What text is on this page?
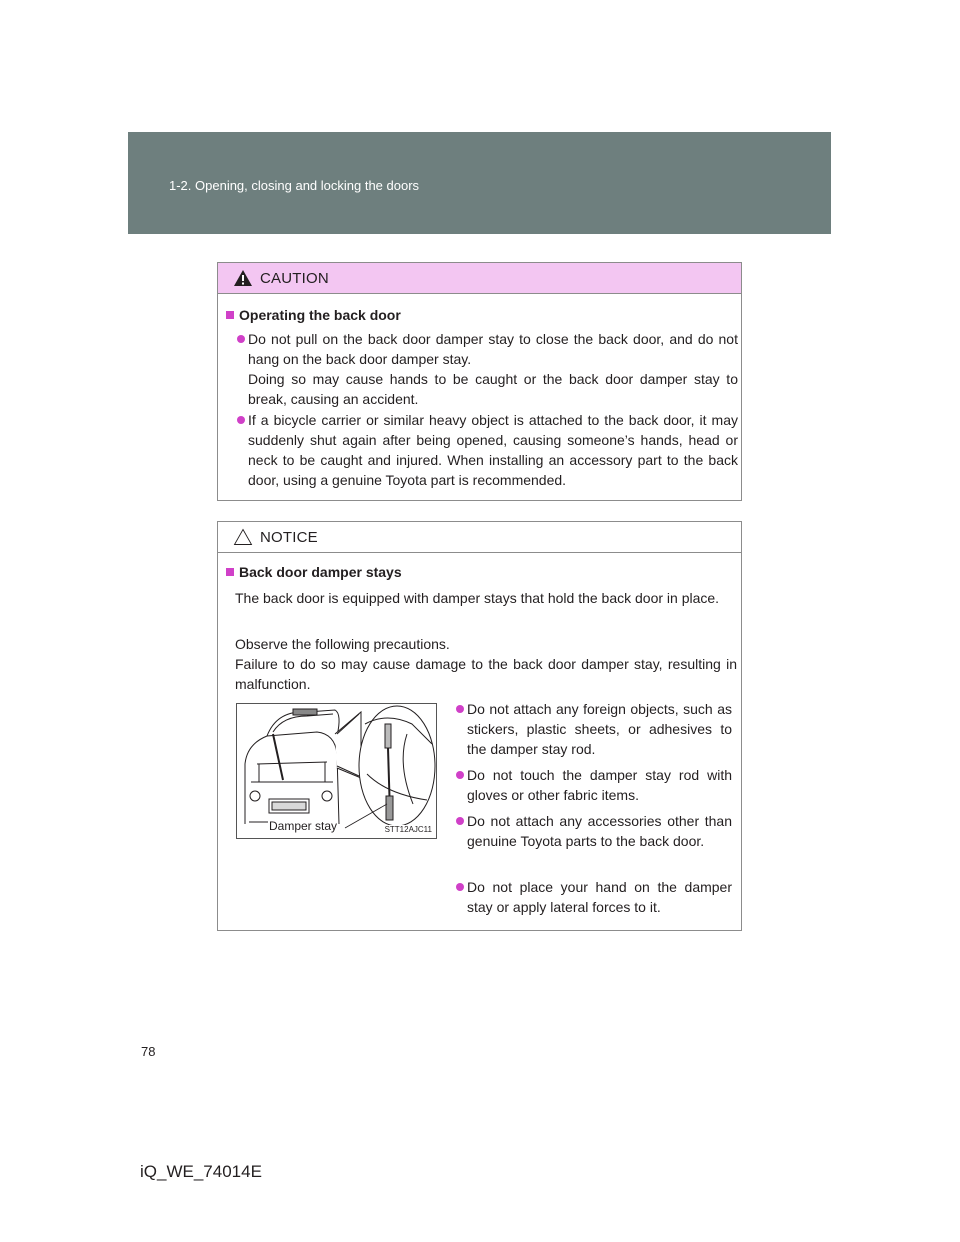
1-2. Opening, closing and locking the doors
CAUTION
Operating the back door
Do not pull on the back door damper stay to close the back door, and do not hang on the back door damper stay.
Doing so may cause hands to be caught or the back door damper stay to break, causing an accident.
If a bicycle carrier or similar heavy object is attached to the back door, it may suddenly shut again after being opened, causing someone’s hands, head or neck to be caught and injured. When installing an accessory part to the back door, using a genuine Toyota part is recommended.
NOTICE
Back door damper stays
The back door is equipped with damper stays that hold the back door in place.
Observe the following precautions.
Failure to do so may cause damage to the back door damper stay, resulting in malfunction.
Damper stay	STT12AJC11
Do not attach any foreign objects, such as stickers, plastic sheets, or adhesives to the damper stay rod.
Do not touch the damper stay rod with gloves or other fabric items.
Do not attach any accessories other than genuine Toyota parts to the back door.
Do not place your hand on the damper stay or apply lateral forces to it.
78
iQ_WE_74014E
